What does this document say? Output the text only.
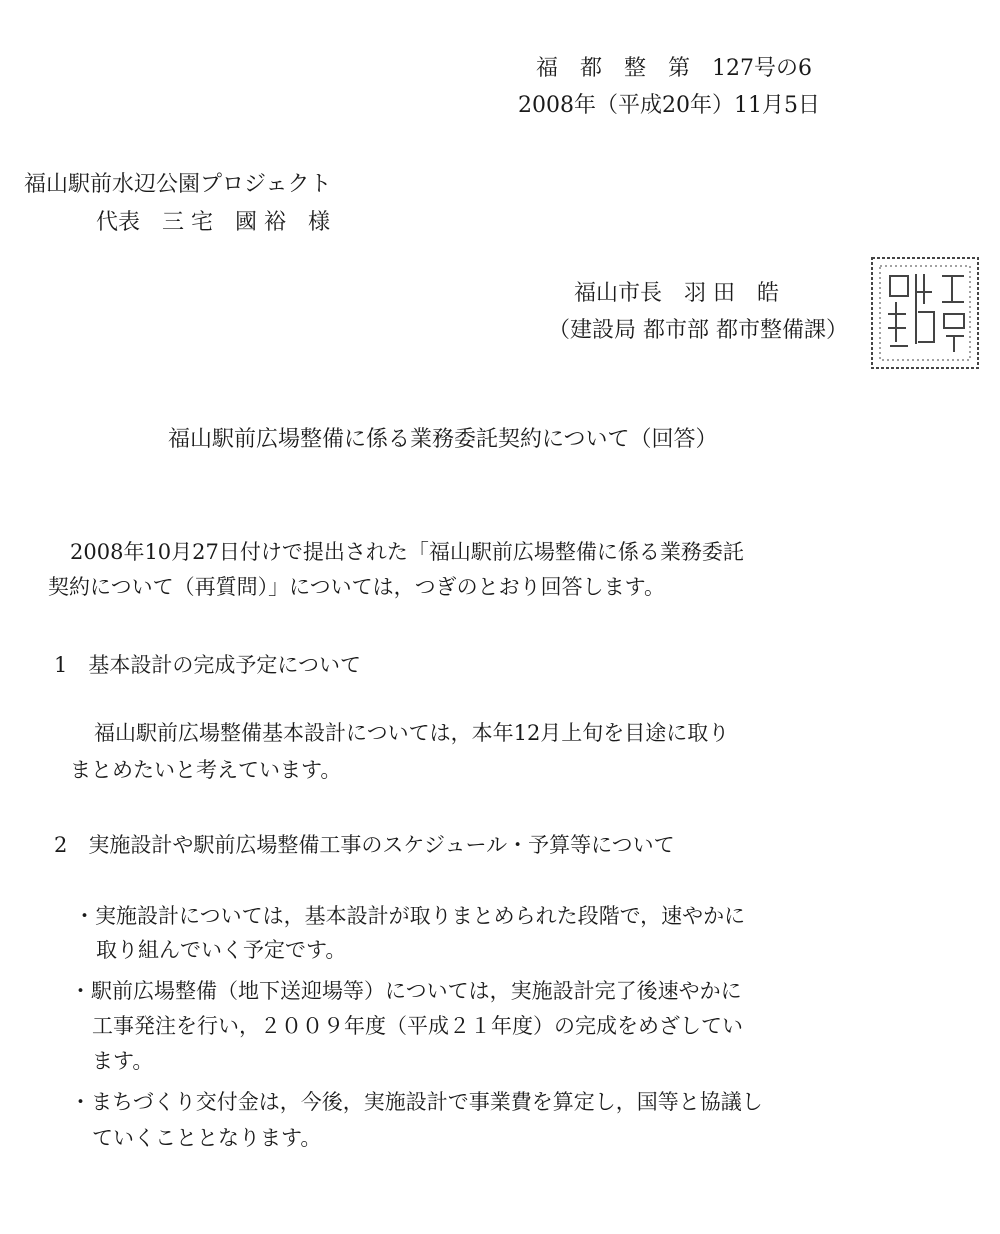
福　都　整　第　127号の6
2008年（平成20年）11月5日
福山駅前水辺公園プロジェクト
代表　三 宅　國 裕　様
福山市長　羽 田　皓
（建設局 都市部 都市整備課）
福山駅前広場整備に係る業務委託契約について（回答）
2008年10月27日付けで提出された「福山駅前広場整備に係る業務委託
契約について（再質問）」については，つぎのとおり回答します。
1　基本設計の完成予定について
福山駅前広場整備基本設計については，本年12月上旬を目途に取り
まとめたいと考えています。
2　実施設計や駅前広場整備工事のスケジュール・予算等について
・実施設計については，基本設計が取りまとめられた段階で，速やかに
取り組んでいく予定です。
・駅前広場整備（地下送迎場等）については，実施設計完了後速やかに
工事発注を行い，２００９年度（平成２１年度）の完成をめざしてい
ます。
・まちづくり交付金は，今後，実施設計で事業費を算定し，国等と協議し
ていくこととなります。
